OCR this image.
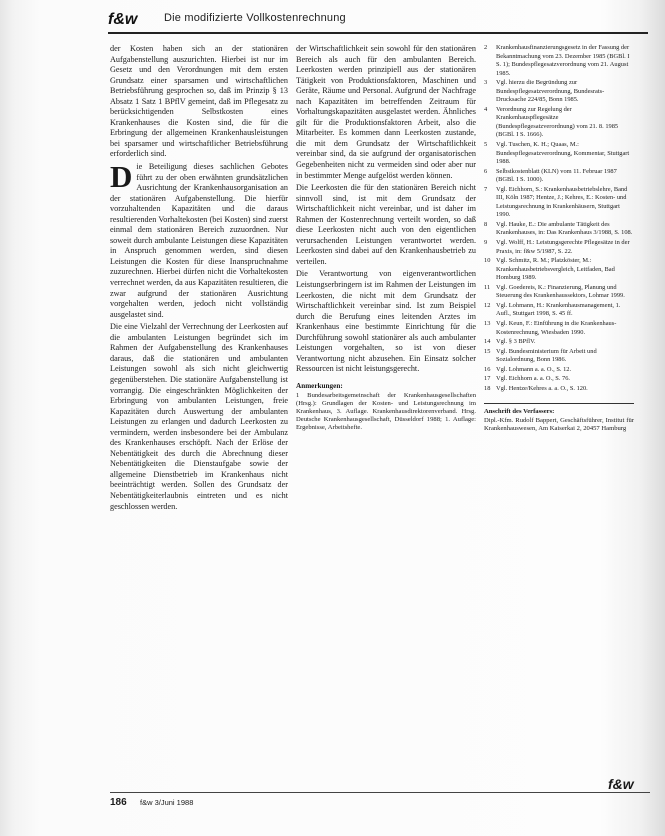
f&w	Die modifizierte Vollkostenrechnung

der Kosten haben sich an der stationären Aufgabenstellung auszurichten. Hierbei ist nur im Gesetz und den Verordnungen mit dem ersten Grundsatz einer sparsamen und wirtschaftlichen Betriebsführung gesprochen so, daß im Prinzip § 13 Absatz 1 Satz 1 BPflV gemeint, daß im Pflegesatz zu berücksichtigenden Selbstkosten eines Krankenhauses die Kosten sind, die für die Erbringung der allgemeinen Krankenhausleistungen bei sparsamer und wirtschaftlicher Betriebsführung erforderlich sind.

Die Beteiligung dieses sachlichen Gebotes führt zu der oben erwähnten grundsätzlichen Ausrichtung der Krankenhausorganisation an der stationären Aufgabenstellung. Die hierfür vorzuhaltenden Kapazitäten und die daraus resultierenden Vorhaltekosten (bei Kosten) sind zuerst einmal dem stationären Bereich zuzuordnen. Nur soweit durch ambulante Leistungen diese Kapazitäten in Anspruch genommen werden, sind diesen Leistungen die Kosten für diese Inanspruchnahme zuzurechnen. Hierbei dürfen nicht die Vorhaltekosten verrechnet werden, da aus Kapazitäten resultieren, die zwar aufgrund der stationären Ausrichtung vorgehalten werden, jedoch nicht vollständig ausgelastet sind.

Die eine Vielzahl der Verrechnung der Leerkosten auf die ambulanten Leistungen begründet sich im Rahmen der Aufgabenstellung des Krankenhauses daraus, daß die stationären und ambulanten Leistungen sowohl als sich nicht gleichwertig gegenüberstehen. Die stationäre Aufgabenstellung ist vorrangig. Die eingeschränkten Möglichkeiten der Erbringung von ambulanten Leistungen, freie Kapazitäten durch Auswertung der ambulanten Leistungen zu erlangen und dadurch Leerkosten zu vermindern, werden insbesondere bei der Ambulanz des Krankenhauses erschöpft. Nach der Erlöse der Nebentätigkeit des durch die Abrechnung dieser Nebentätigkeiten die Dienstaufgabe sowie der allgemeine Dienstbetrieb im Krankenhaus nicht beeinträchtigt werden. Sollen des Grundsatz der Nebentätigkeiterlaubnis eintreten und es nicht geschlossen werden.

der Wirtschaftlichkeit sein sowohl für den stationären Bereich als auch für den ambulanten Bereich. Leerkosten werden prinzipiell aus der stationären Tätigkeit von Produktionsfaktoren, Maschinen und Geräte, Räume und Personal. Aufgrund der Nachfrage nach Kapazitäten im betreffenden Zeitraum für Vorhaltungskapazitäten ausgelastet werden. Ähnliches gilt für die Produktionsfaktoren Arbeit, also die Mitarbeiter. Es kommen dann Leerkosten zustande, die mit dem Grundsatz der Wirtschaftlichkeit vereinbar sind, da sie aufgrund der organisatorischen Gegebenheiten nicht zu vermeiden sind oder aber nur in bestimmter Menge aufgelöst werden können.

Die Leerkosten die für den stationären Bereich nicht sinnvoll sind, ist mit dem Grundsatz der Wirtschaftlichkeit nicht vereinbar, und ist daher im Rahmen der Kostenrechnung verteilt worden, so daß diese Leerkosten nicht auch von den eigentlichen verursachenden Leistungen verantwortet werden. Leerkosten sind dabei auf den Krankenhausbetrieb zu verteilen.

Die Verantwortung von eigenverantwortlichen Leistungserbringern ist im Rahmen der Leistungen im Leerkosten, die nicht mit dem Grundsatz der Wirtschaftlichkeit vereinbar sind. Ist zum Beispiel durch die Berufung eines leitenden Arztes im Krankenhaus eine bestimmte Einrichtung für die Durchführung sowohl stationärer als auch ambulanter Leistungen vorgehalten, so ist von dieser Verantwortung nicht abzusehen. Ein Einsatz solcher Ressourcen ist nicht leistungsgerecht.

Anmerkungen:
1 Bundesarbeitsgemeinschaft der Krankenhausgesellschaften (Hrsg.): Grundlagen der Kosten- und Leistungsrechnung im Krankenhaus, 3. Auflage. Krankenhausdirektorenverband. Hrsg. Deutsche Krankenhausgesellschaft, Düsseldorf 1988; 1. Auflage: Ergebnisse, Arbeitshefte.
2	Krankenhausfinanzierungsgesetz in der Fassung der Bekanntmachung vom 23. Dezember 1985 (BGBl. I S. 1); Bundespflegesatzverordnung vom 21. August 1985.
3	Vgl. hierzu die Begründung zur Bundespflegesatzverordnung, Bundesrats-Drucksache 224/85, Bonn 1985.
4	Verordnung zur Regelung der Krankenhauspflegesätze (Bundespflegesatzverordnung) vom 21. 8. 1985 (BGBl. I S. 1666).
5	Vgl. Tuschen, K. H.; Quaas, M.: Bundespflegesatzverordnung, Kommentar, Stuttgart 1988.
6	Selbstkostenblatt (KLN) vom 11. Februar 1987 (BGBl. I S. 1000).
7	Vgl. Eichhorn, S.: Krankenhausbetriebslehre, Band III, Köln 1987; Hentze, J.; Kehres, E.: Kosten- und Leistungsrechnung in Krankenhäusern, Stuttgart 1990.
8	Vgl. Hauke, E.: Die ambulante Tätigkeit des Krankenhauses, in: Das Krankenhaus 3/1988, S. 108.
9	Vgl. Wolff, H.: Leistungsgerechte Pflegesätze in der Praxis, in: f&w 5/1987, S. 22.
10 Vgl. Schmitz, R. M.; Platzköster, M.: Krankenhausbetriebsvergleich, Leitfaden, Bad Homburg 1989.
11 Vgl. Goedereis, K.: Finanzierung, Planung und Steuerung des Krankenhaussektors, Lohmar 1999.
12 Vgl. Lohmann, H.: Krankenhausmanagement, 1. Aufl., Stuttgart 1998, S. 45 ff.
13 Vgl. Keun, F.: Einführung in die Krankenhaus-Kostenrechnung, Wiesbaden 1990.
14 Vgl. § 3 BPflV.
15 Vgl. Bundesministerium für Arbeit und Sozialordnung, Bonn 1986.
16 Vgl. Lohmann a. a. O., S. 12.
17 Vgl. Eichhorn a. a. O., S. 76.
18 Vgl. Hentze/Kehres a. a. O., S. 120.
Anschrift des Verfassers:
Dipl.-Kfm. Rudolf Bappert, Geschäftsführer, Institut für Krankenhauswesen, Am Kaiserkai 2, 20457 Hamburg
186 f&w 3/Juni 1988
f&w
